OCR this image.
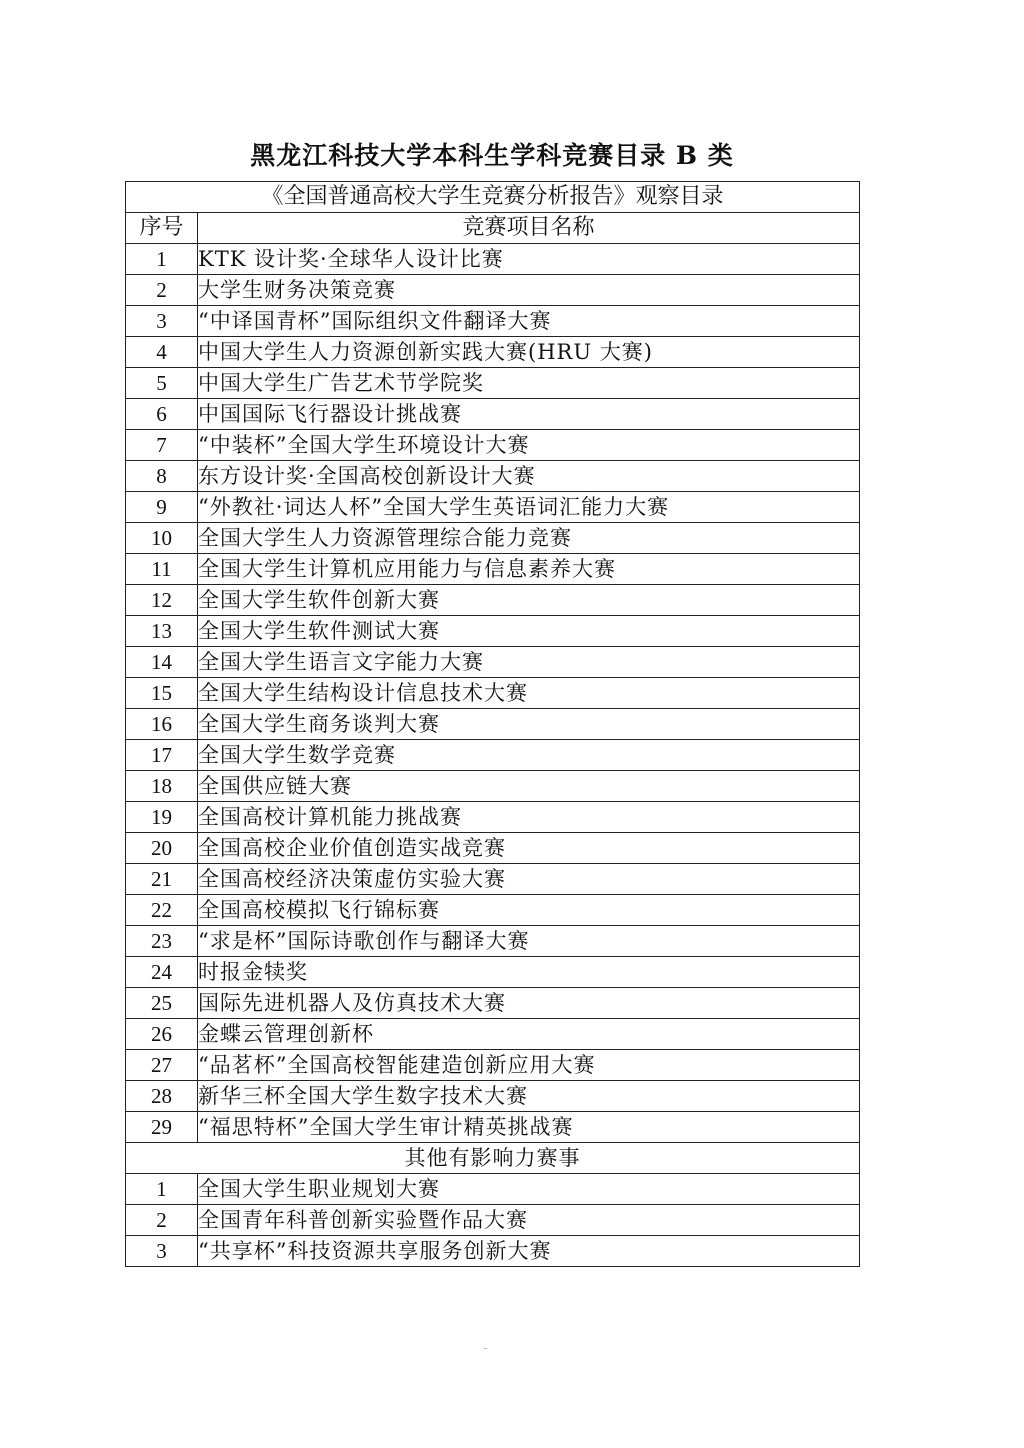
黑龙江科技大学本科生学科竞赛目录 B 类
《全国普通高校大学生竞赛分析报告》观察目录	
序号	竞赛项目名称
1	KTK 设计奖·全球华人设计比赛
2	大学生财务决策竞赛
3	“中译国青杯”国际组织文件翻译大赛
4	中国大学生人力资源创新实践大赛(HRU 大赛)
5	中国大学生广告艺术节学院奖
6	中国国际飞行器设计挑战赛
7	“中装杯”全国大学生环境设计大赛
8	东方设计奖·全国高校创新设计大赛
9	“外教社·词达人杯”全国大学生英语词汇能力大赛
10	全国大学生人力资源管理综合能力竞赛
11	全国大学生计算机应用能力与信息素养大赛
12	全国大学生软件创新大赛
13	全国大学生软件测试大赛
14	全国大学生语言文字能力大赛
15	全国大学生结构设计信息技术大赛
16	全国大学生商务谈判大赛
17	全国大学生数学竞赛
18	全国供应链大赛
19	全国高校计算机能力挑战赛
20	全国高校企业价值创造实战竞赛
21	全国高校经济决策虚仿实验大赛
22	全国高校模拟飞行锦标赛
23	“求是杯”国际诗歌创作与翻译大赛
24	时报金犊奖
25	国际先进机器人及仿真技术大赛
26	金蝶云管理创新杯
27	“品茗杯”全国高校智能建造创新应用大赛
28	新华三杯全国大学生数字技术大赛
29	“福思特杯”全国大学生审计精英挑战赛
其他有影响力赛事	
1	全国大学生职业规划大赛
2	全国青年科普创新实验暨作品大赛
3	“共享杯”科技资源共享服务创新大赛
